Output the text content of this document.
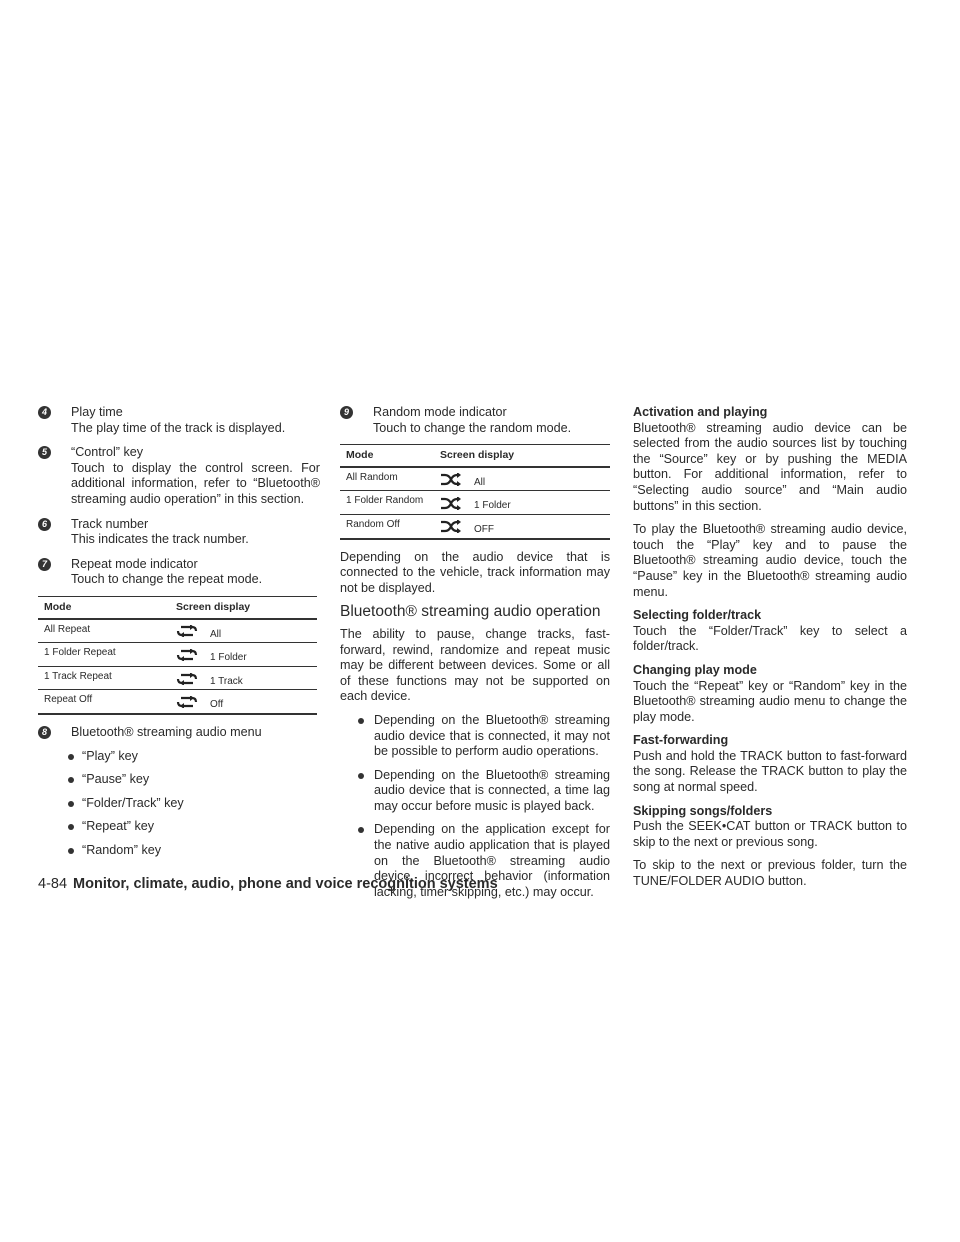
4	Play time

The play time of the track is displayed.

5	“Control” key

Touch to display the control screen. For additional information, refer to “Bluetooth® streaming audio operation” in this section.

6	Track number

This indicates the track number.

7	Repeat mode indicator

Touch to change the repeat mode.

Mode	Screen display
All Repeat	All

1 Folder Repeat	1 Folder

1 Track Repeat	1 Track

Repeat Off	Off
8	Bluetooth® streaming audio menu

“Play” key
“Pause” key
“Folder/Track” key
“Repeat” key
“Random” key
9	Random mode indicator

Touch to change the random mode.

Mode	Screen display
All Random	All

1 Folder Random	1 Folder

Random Off	OFF

Depending on the audio device that is connected to the vehicle, track information may not be displayed.

Bluetooth® streaming audio operation

The ability to pause, change tracks, fast-forward, rewind, randomize and repeat music may be different between devices. Some or all of these functions may not be supported on each device.

Depending on the Bluetooth® streaming audio device that is connected, it may not be possible to perform audio operations.
Depending on the Bluetooth® streaming audio device that is connected, a time lag may occur before music is played back.
Depending on the application except for the native audio application that is played on the Bluetooth® streaming audio device, incorrect behavior (information lacking, timer skipping, etc.) may occur.
Activation and playing

Bluetooth® streaming audio device can be selected from the audio sources list by touching the “Source” key or by pushing the MEDIA button. For additional information, refer to “Selecting audio source” and “Main audio buttons” in this section.

To play the Bluetooth® streaming audio device, touch the “Play” key and to pause the Bluetooth® streaming audio device, touch the “Pause” key in the Bluetooth® streaming audio menu.

Selecting folder/track

Touch the “Folder/Track” key to select a folder/track.

Changing play mode

Touch the “Repeat” key or “Random” key in the Bluetooth® streaming audio menu to change the play mode.

Fast-forwarding

Push and hold the TRACK button to fast-forward the song. Release the TRACK button to play the song at normal speed.

Skipping songs/folders

Push the SEEK•CAT button or TRACK button to skip to the next or previous song.

To skip to the next or previous folder, turn the TUNE/FOLDER AUDIO button.

4-84 Monitor, climate, audio, phone and voice recognition systems
